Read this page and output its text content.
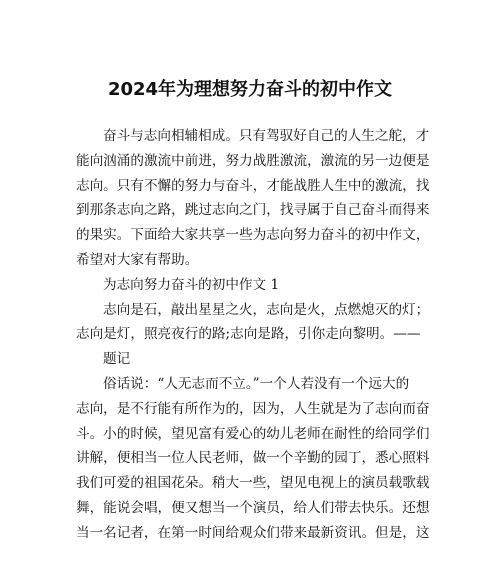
2024年为理想努力奋斗的初中作文
奋斗与志向相辅相成。只有驾驭好自己的人生之舵，才
能向汹涌的激流中前进，努力战胜激流，激流的另一边便是
志向。只有不懈的努力与奋斗，才能战胜人生中的激流，找
到那条志向之路，跳过志向之门，找寻属于自己奋斗而得来
的果实。下面给大家共享一些为志向努力奋斗的初中作文，
希望对大家有帮助。
为志向努力奋斗的初中作文 1
志向是石，敲出星星之火，志向是火，点燃熄灭的灯；
志向是灯，照亮夜行的路;志向是路，引你走向黎明。——
题记
俗话说：“人无志而不立。”一个人若没有一个远大的
志向，是不行能有所作为的，因为，人生就是为了志向而奋
斗。小的时候，望见富有爱心的幼儿老师在耐性的给同学们
讲解，便相当一位人民老师，做一个辛勤的园丁，悉心照料
我们可爱的祖国花朵。稍大一些，望见电视上的演员载歌载
舞，能说会唱，便又想当一个演员，给人们带去快乐。还想
当一名记者，在第一时间给观众们带来最新资讯。但是，这
